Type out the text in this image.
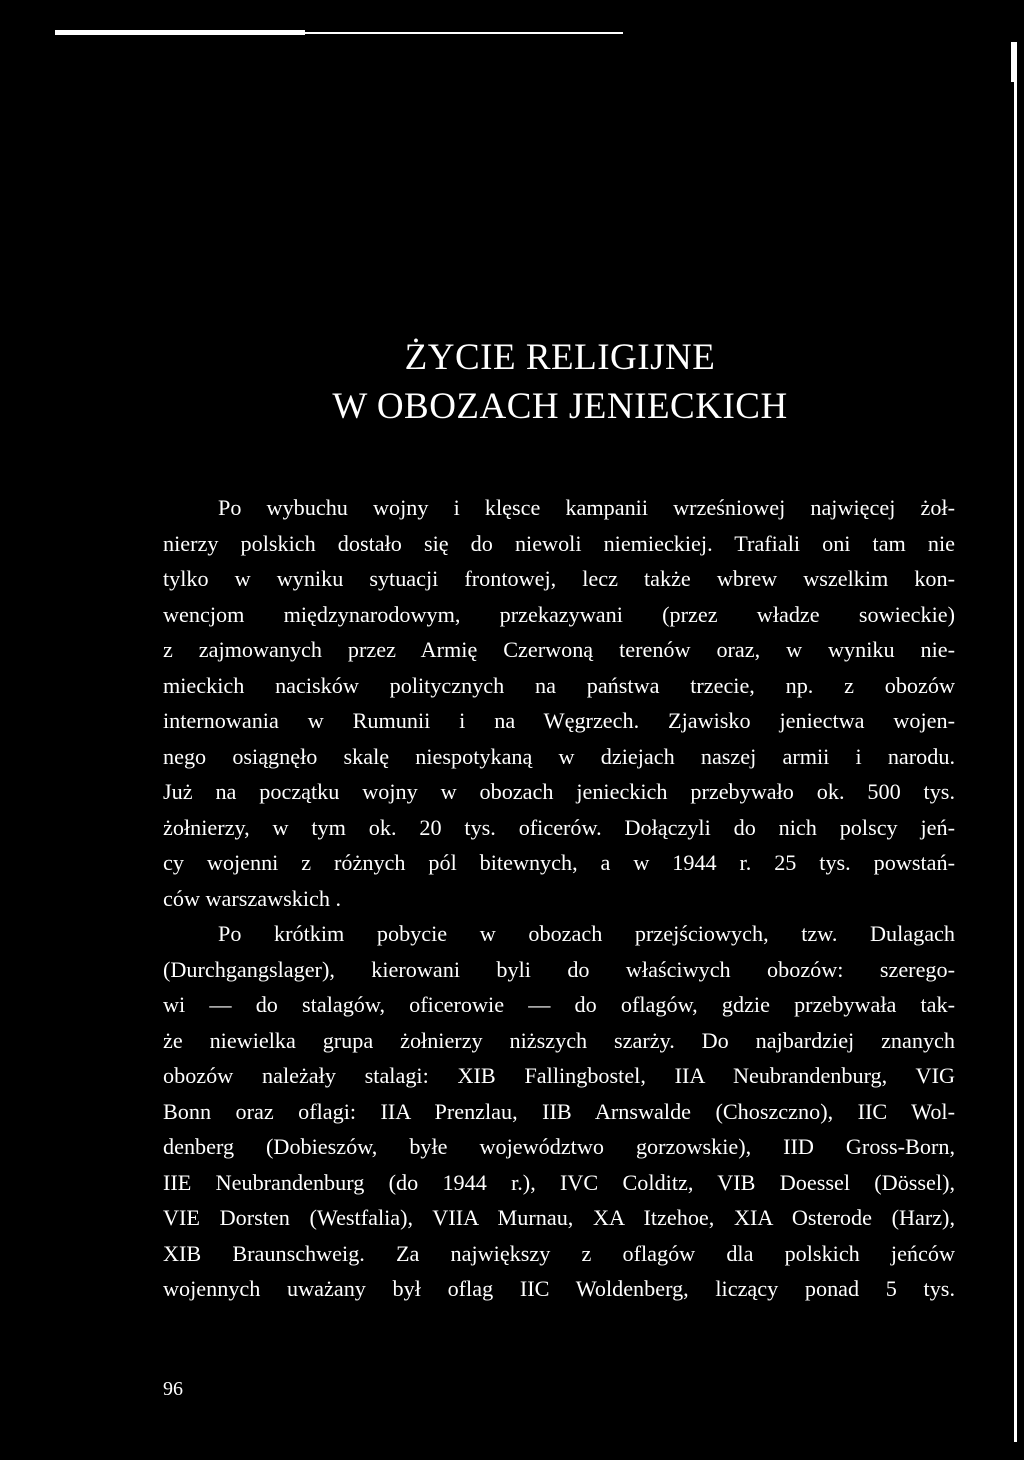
ŻYCIE RELIGIJNE
W OBOZACH JENIECKICH
Po wybuchu wojny i klęsce kampanii wrześniowej najwięcej żoł-
nierzy polskich dostało się do niewoli niemieckiej. Trafiali oni tam nie
tylko w wyniku sytuacji frontowej, lecz także wbrew wszelkim kon-
wencjom międzynarodowym, przekazywani (przez władze sowieckie)
z zajmowanych przez Armię Czerwoną terenów oraz, w wyniku nie-
mieckich nacisków politycznych na państwa trzecie, np. z obozów
internowania w Rumunii i na Węgrzech. Zjawisko jeniectwa wojen-
nego osiągnęło skalę niespotykaną w dziejach naszej armii i narodu.
Już na początku wojny w obozach jenieckich przebywało ok. 500 tys.
żołnierzy, w tym ok. 20 tys. oficerów. Dołączyli do nich polscy jeń-
cy wojenni z różnych pól bitewnych, a w 1944 r. 25 tys. powstań-
ców warszawskich .
Po krótkim pobycie w obozach przejściowych, tzw. Dulagach
(Durchgangslager), kierowani byli do właściwych obozów: szerego-
wi — do stalagów, oficerowie — do oflagów, gdzie przebywała tak-
że niewielka grupa żołnierzy niższych szarży. Do najbardziej znanych
obozów należały stalagi: XIB Fallingbostel, IIA Neubrandenburg, VIG
Bonn oraz oflagi: IIA Prenzlau, IIB Arnswalde (Choszczno), IIC Wol-
denberg (Dobieszów, byłe województwo gorzowskie), IID Gross-Born,
IIE Neubrandenburg (do 1944 r.), IVC Colditz, VIB Doessel (Dössel),
VIE Dorsten (Westfalia), VIIA Murnau, XA Itzehoe, XIA Osterode (Harz),
XIB Braunschweig. Za największy z oflagów dla polskich jeńców
wojennych uważany był oflag IIC Woldenberg, liczący ponad 5 tys.
96
